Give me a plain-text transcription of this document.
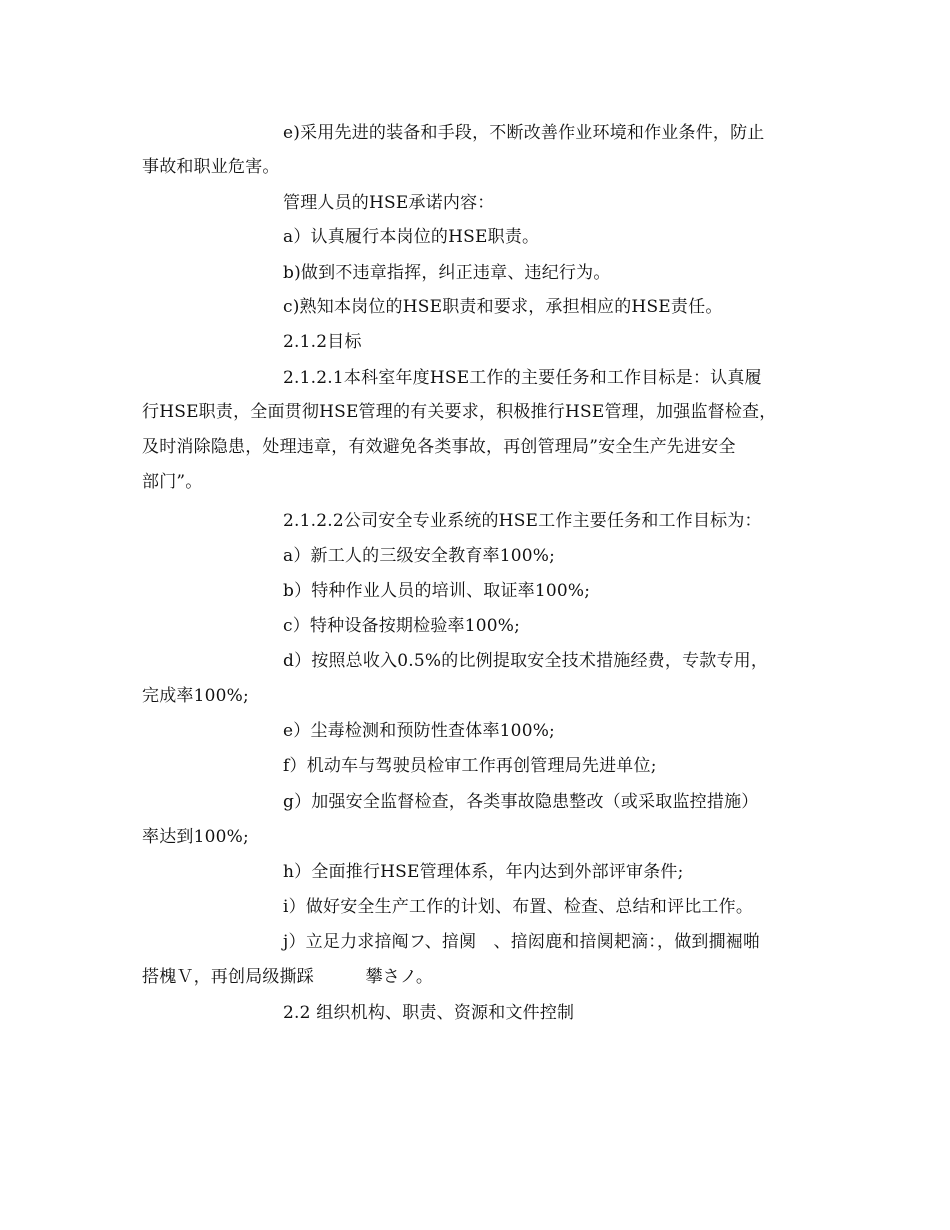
e)采用先进的装备和手段，不断改善作业环境和作业条件，防止
事故和职业危害。
管理人员的HSE承诺内容：
a）认真履行本岗位的HSE职责。
b)做到不违章指挥，纠正违章、违纪行为。
c)熟知本岗位的HSE职责和要求，承担相应的HSE责任。
2.1.2目标
2.1.2.1本科室年度HSE工作的主要任务和工作目标是：认真履
行HSE职责，全面贯彻HSE管理的有关要求，积极推行HSE管理，加强监督检查，
及时消除隐患，处理违章，有效避免各类事故，再创管理局”安全生产先进安全
部门”。
2.1.2.2公司安全专业系统的HSE工作主要任务和工作目标为：
a）新工人的三级安全教育率100%;
b）特种作业人员的培训、取证率100%;
c）特种设备按期检验率100%;
d）按照总收入0.5%的比例提取安全技术措施经费，专款专用，
完成率100%;
e）尘毒检测和预防性查体率100%;
f）机动车与驾驶员检审工作再创管理局先进单位;
g）加强安全监督检查，各类事故隐患整改（或采取监控措施）
率达到100%;
h）全面推行HSE管理体系，年内达到外部评审条件;
i）做好安全生产工作的计划、布置、检查、总结和评比工作。
j）立足力求揞阄フ、揞阒　、揞闳鹿和揞阒耙滴：，做到撊䘿啪
搭槐Ｖ，再创局级撕踩　　　攀さノ。
2.2 组织机构、职责、资源和文件控制
